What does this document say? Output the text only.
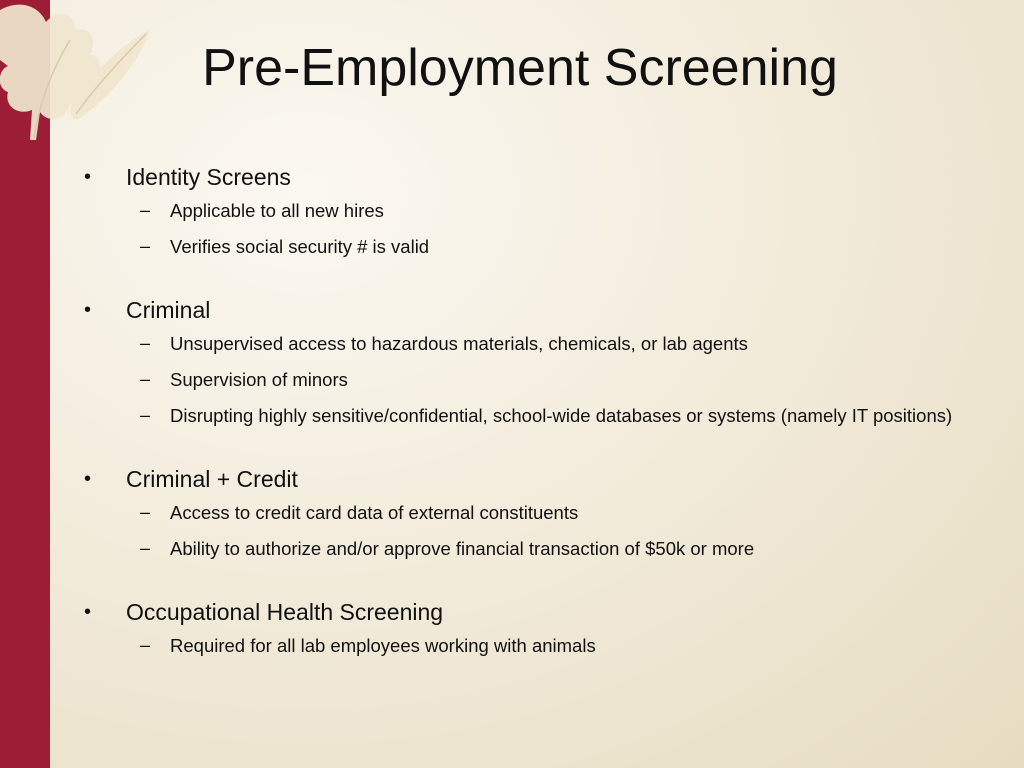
Pre-Employment Screening
•	Identity Screens
–	Applicable to all new hires
–	Verifies social security # is valid
•	Criminal
–	Unsupervised access to hazardous materials, chemicals, or lab agents
–	Supervision of minors
–	Disrupting highly sensitive/confidential, school-wide databases or systems (namely IT positions)
•	Criminal + Credit
–	Access to credit card data of external constituents
–	Ability to authorize and/or approve financial transaction of $50k or more
•	Occupational Health Screening
–	Required for all lab employees working with animals
